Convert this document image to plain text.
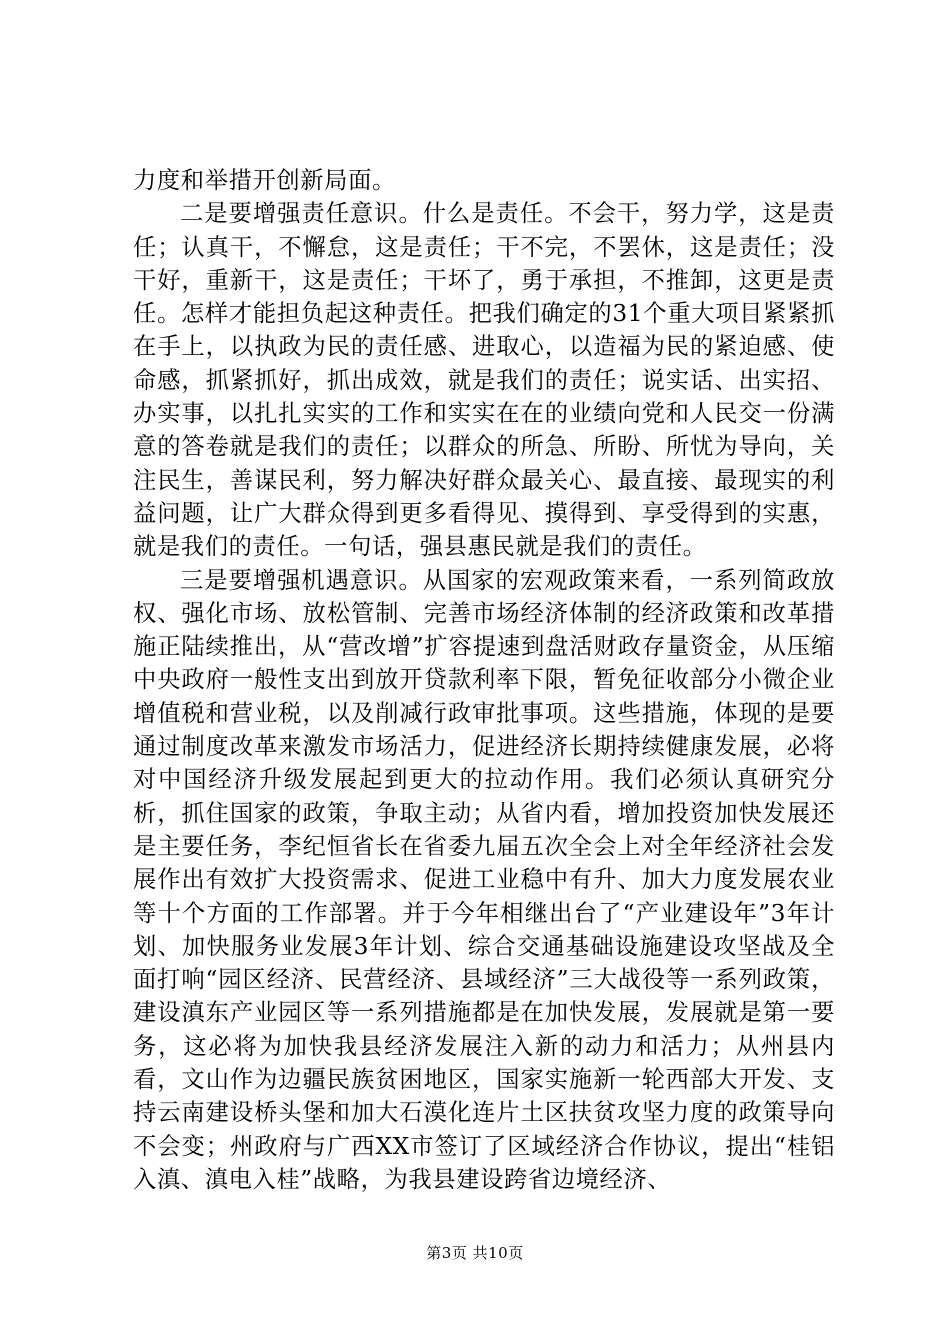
力度和举措开创新局面。

二是要增强责任意识。什么是责任。不会干，努力学，这是责任；认真干，不懈怠，这是责任；干不完，不罢休，这是责任；没干好，重新干，这是责任；干坏了，勇于承担，不推卸，这更是责任。怎样才能担负起这种责任。把我们确定的31个重大项目紧紧抓在手上，以执政为民的责任感、进取心，以造福为民的紧迫感、使命感，抓紧抓好，抓出成效，就是我们的责任；说实话、出实招、办实事，以扎扎实实的工作和实实在在的业绩向党和人民交一份满意的答卷就是我们的责任；以群众的所急、所盼、所忧为导向，关注民生，善谋民利，努力解决好群众最关心、最直接、最现实的利益问题，让广大群众得到更多看得见、摸得到、享受得到的实惠，就是我们的责任。一句话，强县惠民就是我们的责任。

三是要增强机遇意识。从国家的宏观政策来看，一系列简政放权、强化市场、放松管制、完善市场经济体制的经济政策和改革措施正陆续推出，从“营改增”扩容提速到盘活财政存量资金，从压缩中央政府一般性支出到放开贷款利率下限，暂免征收部分小微企业增值税和营业税，以及削减行政审批事项。这些措施，体现的是要通过制度改革来激发市场活力，促进经济长期持续健康发展，必将对中国经济升级发展起到更大的拉动作用。我们必须认真研究分析，抓住国家的政策，争取主动；从省内看，增加投资加快发展还是主要任务，李纪恒省长在省委九届五次全会上对全年经济社会发展作出有效扩大投资需求、促进工业稳中有升、加大力度发展农业等十个方面的工作部署。并于今年相继出台了“产业建设年”3年计划、加快服务业发展3年计划、综合交通基础设施建设攻坚战及全面打响“园区经济、民营经济、县域经济”三大战役等一系列政策，建设滇东产业园区等一系列措施都是在加快发展，发展就是第一要务，这必将为加快我县经济发展注入新的动力和活力；从州县内看，文山作为边疆民族贫困地区，国家实施新一轮西部大开发、支持云南建设桥头堡和加大石漠化连片土区扶贫攻坚力度的政策导向不会变；州政府与广西XX市签订了区域经济合作协议，提出“桂铝入滇、滇电入桂”战略，为我县建设跨省边境经济、

第3页 共10页
